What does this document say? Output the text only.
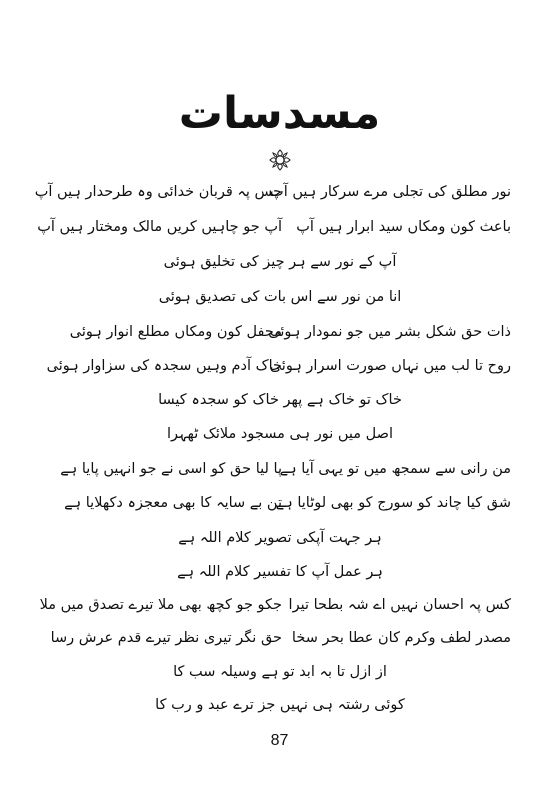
مسدسات
نور مطلق کی تجلی مرے سرکار ہیں آپ
جس پہ قربان خدائی وہ طرحدار ہیں آپ
باعث کون ومکاں سید ابرار ہیں آپ
آپ جو چاہیں کریں مالک ومختار ہیں آپ
آپ کے نور سے ہر چیز کی تخلیق ہوئی
انا من نور سے اس بات کی تصدیق ہوئی
ذات حق شکل بشر میں جو نمودار ہوئی
محفل کون ومکاں مطلع انوار ہوئی
روح تا لب میں نہاں صورت اسرار ہوئی
خاک آدم وہیں سجدہ کی سزاوار ہوئی
خاک تو خاک ہے پھر خاک کو سجدہ کیسا
اصل میں نور ہی مسجود ملائک ٹھہرا
من رانی سے سمجھ میں تو یہی آیا ہے
پا لیا حق کو اسی نے جو انہیں پایا ہے
شق کیا چاند کو سورج کو بھی لوٹایا ہے
تن بے سایہ کا بھی معجزہ دکھلایا ہے
ہر جہت آپکی تصویر کلام اللہ ہے
ہر عمل آپ کا تفسیر کلام اللہ ہے
کس پہ احسان نہیں اے شہ بطحا تیرا
جکو جو کچھ بھی ملا تیرے تصدق میں ملا
مصدر لطف وکرم کان عطا بحر سخا
حق نگر تیری نظر تیرے قدم عرش رسا
از ازل تا بہ ابد تو ہے وسیلہ سب کا
کوئی رشتہ ہی نہیں جز ترے عبد و رب کا
87
